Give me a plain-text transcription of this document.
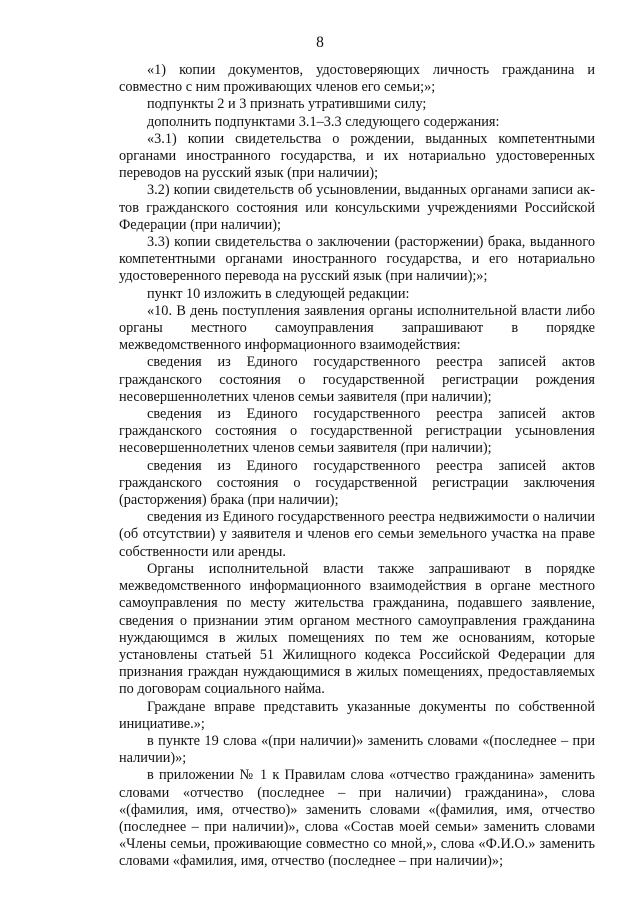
8

«1) копии документов, удостоверяющих личность гражданина и совместно с ним проживающих членов его семьи;»;

подпункты 2 и 3 признать утратившими силу;

дополнить подпунктами 3.1–3.3 следующего содержания:

«3.1) копии свидетельства о рождении, выданных компетентными органами иностранного государства, и их нотариально удостоверенных переводов на русский язык (при наличии);

3.2) копии свидетельств об усыновлении, выданных органами записи актов гражданского состояния или консульскими учреждениями Российской Федерации (при наличии);

3.3) копии свидетельства о заключении (расторжении) брака, выданного компетентными органами иностранного государства, и его нотариально удостоверенного перевода на русский язык (при наличии);»;

пункт 10 изложить в следующей редакции:

«10. В день поступления заявления органы исполнительной власти либо органы местного самоуправления запрашивают в порядке межведомственного информационного взаимодействия:

сведения из Единого государственного реестра записей актов гражданского состояния о государственной регистрации рождения несовершеннолетних членов семьи заявителя (при наличии);

сведения из Единого государственного реестра записей актов гражданского состояния о государственной регистрации усыновления несовершеннолетних членов семьи заявителя (при наличии);

сведения из Единого государственного реестра записей актов гражданского состояния о государственной регистрации заключения (расторжения) брака (при наличии);

сведения из Единого государственного реестра недвижимости о наличии (об отсутствии) у заявителя и членов его семьи земельного участка на праве собственности или аренды.

Органы исполнительной власти также запрашивают в порядке межведомственного информационного взаимодействия в органе местного самоуправления по месту жительства гражданина, подавшего заявление, сведения о признании этим органом местного самоуправления гражданина нуждающимся в жилых помещениях по тем же основаниям, которые установлены статьей 51 Жилищного кодекса Российской Федерации для признания граждан нуждающимися в жилых помещениях, предоставляемых по договорам социального найма.

Граждане вправе представить указанные документы по собственной инициативе.»;

в пункте 19 слова «(при наличии)» заменить словами «(последнее – при наличии)»;

в приложении № 1 к Правилам слова «отчество гражданина» заменить словами «отчество (последнее – при наличии) гражданина», слова «(фамилия, имя, отчество)» заменить словами «(фамилия, имя, отчество (последнее – при наличии)», слова «Состав моей семьи» заменить словами «Члены семьи, проживающие совместно со мной,», слова «Ф.И.О.» заменить словами «фамилия, имя, отчество (последнее – при наличии)»;
